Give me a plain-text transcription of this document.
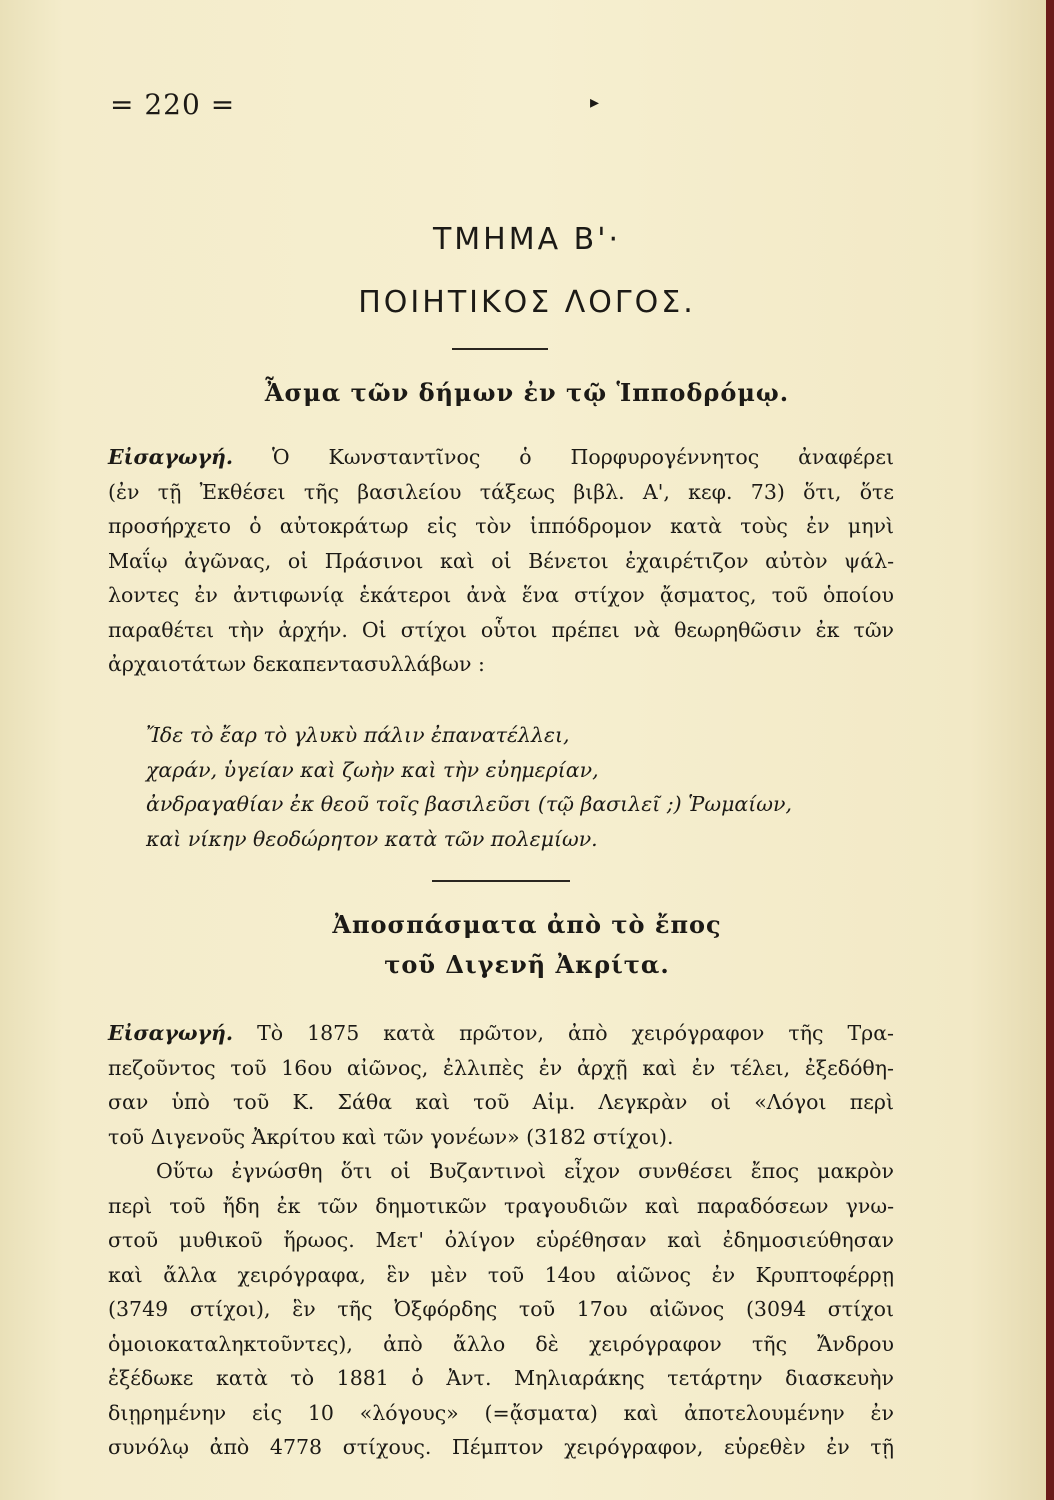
= 220 =	▸
ΤΜΗΜΑ Β'·
ΠΟΙΗΤΙΚΟΣ ΛΟΓΟΣ.
Ἆσμα τῶν δήμων ἐν τῷ Ἱπποδρόμῳ.
Εἰσαγωγή. Ὁ Κωνσταντῖνος ὁ Πορφυρογέννητος ἀναφέρει
(ἐν τῇ Ἐκθέσει τῆς βασιλείου τάξεως βιβλ. Α', κεφ. 73) ὅτι, ὅτε
προσήρχετο ὁ αὐτοκράτωρ εἰς τὸν ἱππόδρομον κατὰ τοὺς ἐν μηνὶ
Μαΐῳ ἀγῶνας, οἱ Πράσινοι καὶ οἱ Βένετοι ἐχαιρέτιζον αὐτὸν ψάλ-
λοντες ἐν ἀντιφωνίᾳ ἑκάτεροι ἀνὰ ἕνα στίχον ᾄσματος, τοῦ ὁποίου
παραθέτει τὴν ἀρχήν. Οἱ στίχοι οὗτοι πρέπει νὰ θεωρηθῶσιν ἐκ τῶν
ἀρχαιοτάτων δεκαπεντασυλλάβων :
Ἴδε τὸ ἔαρ τὸ γλυκὺ πάλιν ἐπανατέλλει,
χαράν, ὑγείαν καὶ ζωὴν καὶ τὴν εὐημερίαν,
ἀνδραγαθίαν ἐκ θεοῦ τοῖς βασιλεῦσι (τῷ βασιλεῖ ;) Ῥωμαίων,
καὶ νίκην θεοδώρητον κατὰ τῶν πολεμίων.
Ἀποσπάσματα ἀπὸ τὸ ἔπος
τοῦ Διγενῆ Ἀκρίτα.
Εἰσαγωγή. Τὸ 1875 κατὰ πρῶτον, ἀπὸ χειρόγραφον τῆς Τρα-
πεζοῦντος τοῦ 16ου αἰῶνος, ἐλλιπὲς ἐν ἀρχῇ καὶ ἐν τέλει, ἐξεδόθη-
σαν ὑπὸ τοῦ Κ. Σάθα καὶ τοῦ Αἰμ. Λεγκρὰν οἱ «Λόγοι περὶ
τοῦ Διγενοῦς Ἀκρίτου καὶ τῶν γονέων» (3182 στίχοι).
Οὕτω ἐγνώσθη ὅτι οἱ Βυζαντινοὶ εἶχον συνθέσει ἔπος μακρὸν
περὶ τοῦ ἤδη ἐκ τῶν δημοτικῶν τραγουδιῶν καὶ παραδόσεων γνω-
στοῦ μυθικοῦ ἥρωος. Μετ' ὀλίγον εὑρέθησαν καὶ ἐδημοσιεύθησαν
καὶ ἄλλα χειρόγραφα, ἓν μὲν τοῦ 14ου αἰῶνος ἐν Κρυπτοφέρρῃ
(3749 στίχοι), ἓν τῆς Ὀξφόρδης τοῦ 17ου αἰῶνος (3094 στίχοι
ὁμοιοκαταληκτοῦντες), ἀπὸ ἄλλο δὲ χειρόγραφον τῆς Ἄνδρου
ἐξέδωκε κατὰ τὸ 1881 ὁ Ἀντ. Μηλιαράκης τετάρτην διασκευὴν
διῃρημένην εἰς 10 «λόγους» (=ᾄσματα) καὶ ἀποτελουμένην ἐν
συνόλῳ ἀπὸ 4778 στίχους. Πέμπτον χειρόγραφον, εὑρεθὲν ἐν τῇ
